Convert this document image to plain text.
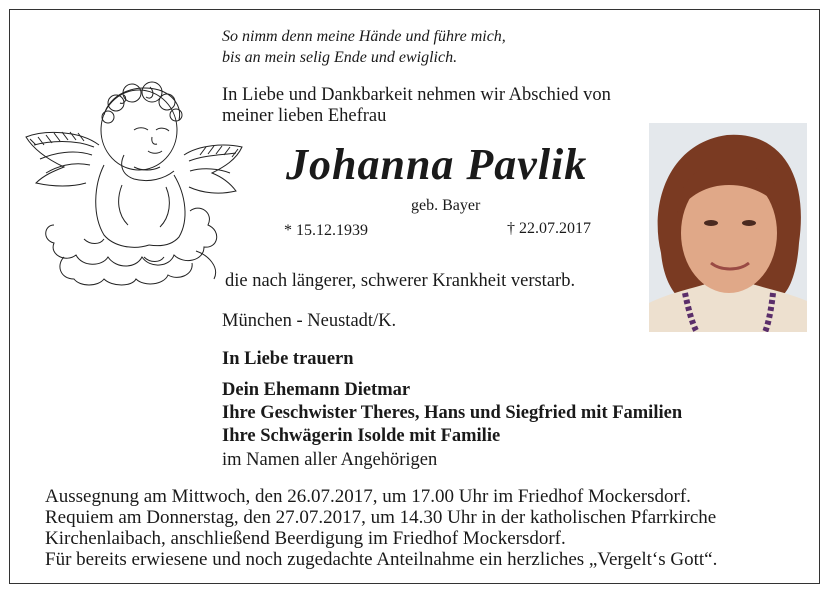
So nimm denn meine Hände und führe mich,
bis an mein selig Ende und ewiglich.
In Liebe und Dankbarkeit nehmen wir Abschied von
meiner lieben Ehefrau
Johanna Pavlik
geb. Bayer
* 15.12.1939	† 22.07.2017
die nach längerer, schwerer Krankheit verstarb.
München - Neustadt/K.
In Liebe trauern
Dein Ehemann Dietmar
Ihre Geschwister Theres, Hans und Siegfried mit Familien
Ihre Schwägerin Isolde mit Familie
im Namen aller Angehörigen
Aussegnung am Mittwoch, den 26.07.2017, um 17.00 Uhr im Friedhof Mockersdorf.
Requiem am Donnerstag, den 27.07.2017, um 14.30 Uhr in der katholischen Pfarrkirche
Kirchenlaibach, anschließend Beerdigung im Friedhof Mockersdorf.
Für bereits erwiesene und noch zugedachte Anteilnahme ein herzliches „Vergelt‘s Gott“.
